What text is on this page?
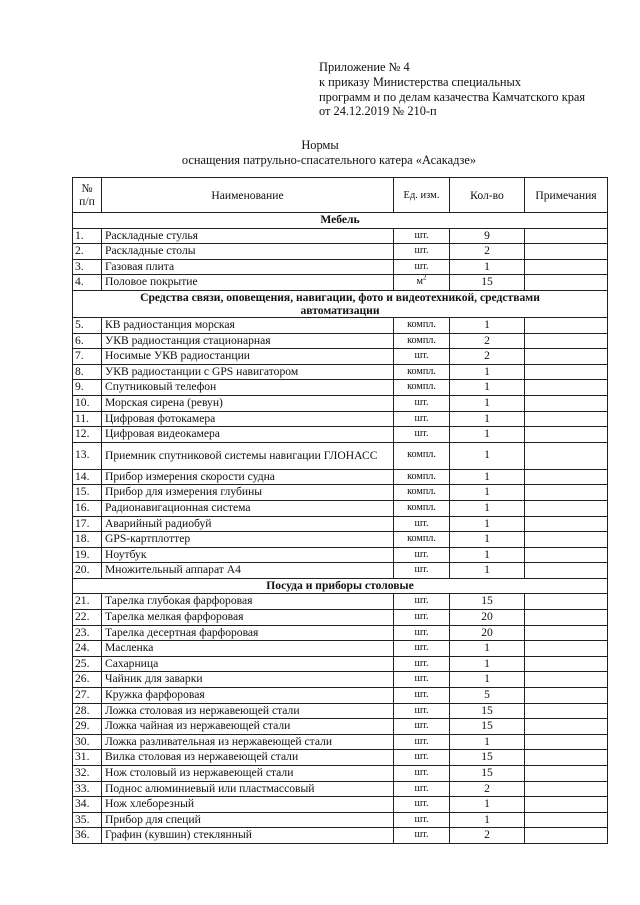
Приложение № 4
к приказу Министерства специальных
программ и по делам казачества Камчатского края
от 24.12.2019 № 210-п
Нормы
оснащения патрульно-спасательного катера «Асакадзе»
№ п/п	Наименование	Ед. изм.	Кол-во	Примечания
Мебель				
1.	Раскладные стулья	шт.	9	
2.	Раскладные столы	шт.	2	
3.	Газовая плита	шт.	1	
4.	Половое покрытие	$м^2$	15	
Средства связи, оповещения, навигации, фото и видеотехникой, средствами автоматизации				
5.	КВ радиостанция морская	компл.	1	
6.	УКВ радиостанция стационарная	компл.	2	
7.	Носимые УКВ радиостанции	шт.	2	
8.	УКВ радиостанции с GPS навигатором	компл.	1	
9.	Спутниковый телефон	компл.	1	
10.	Морская сирена (ревун)	шт.	1	
11.	Цифровая фотокамера	шт.	1	
12.	Цифровая видеокамера	шт.	1	
13.	Приемник спутниковой системы навигации ГЛОНАСС	компл.	1	
14.	Прибор измерения скорости судна	компл.	1	
15.	Прибор для измерения глубины	компл.	1	
16.	Радионавигационная система	компл.	1	
17.	Аварийный радиобуй	шт.	1	
18.	GPS-картплоттер	компл.	1	
19.	Ноутбук	шт.	1	
20.	Множительный аппарат А4	шт.	1	
Посуда и приборы столовые				
21.	Тарелка глубокая фарфоровая	шт.	15	
22.	Тарелка мелкая фарфоровая	шт.	20	
23.	Тарелка десертная фарфоровая	шт.	20	
24.	Масленка	шт.	1	
25.	Сахарница	шт.	1	
26.	Чайник для заварки	шт.	1	
27.	Кружка фарфоровая	шт.	5	
28.	Ложка столовая из нержавеющей стали	шт.	15	
29.	Ложка чайная из нержавеющей стали	шт.	15	
30.	Ложка разливательная из нержавеющей стали	шт.	1	
31.	Вилка столовая из нержавеющей стали	шт.	15	
32.	Нож столовый из нержавеющей стали	шт.	15	
33.	Поднос алюминиевый или пластмассовый	шт.	2	
34.	Нож хлеборезный	шт.	1	
35.	Прибор для специй	шт.	1	
36.	Графин (кувшин) стеклянный	шт.	2	
